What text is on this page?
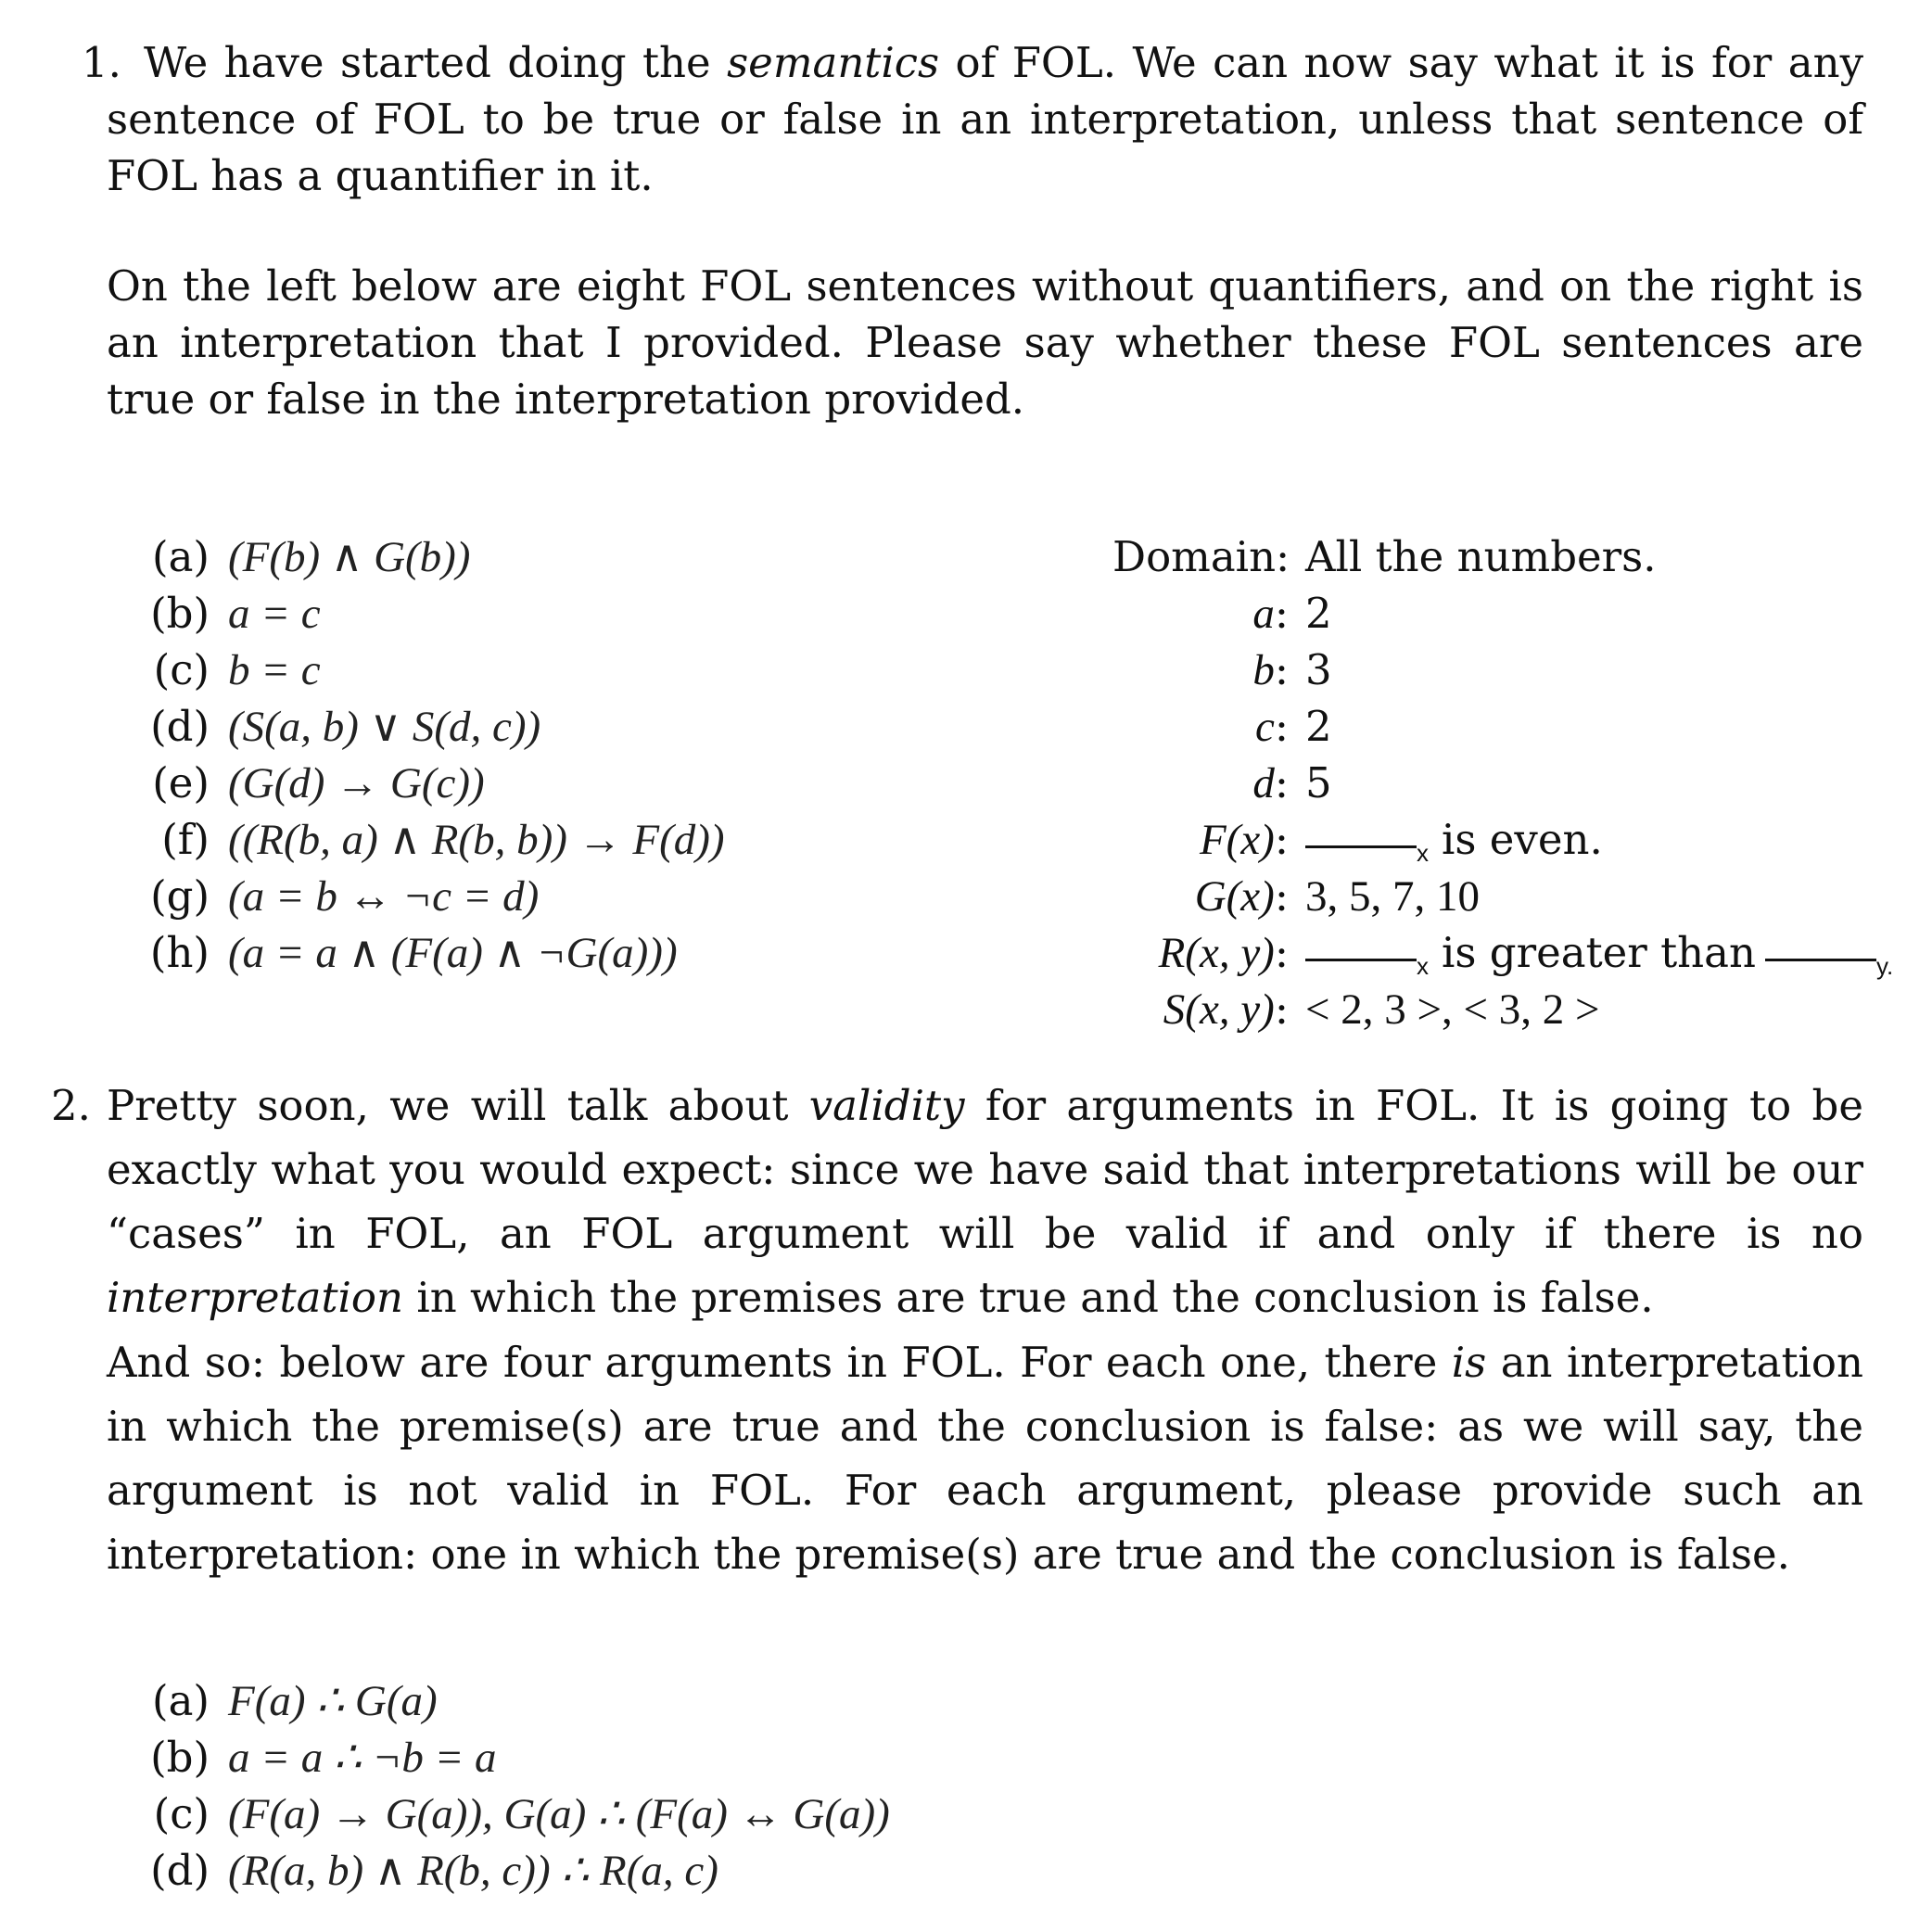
1. We have started doing the semantics of FOL. We can now say what it is for any sentence of FOL to be true or false in an interpretation, unless that sentence of FOL has a quantifier in it.
On the left below are eight FOL sentences without quantifiers, and on the right is an interpretation that I provided. Please say whether these FOL sentences are true or false in the interpretation provided.
(a) (F(b) ∧ G(b))
(b) a = c
(c) b = c
(d) (S(a, b) ∨ S(d, c))
(e) (G(d) → G(c))
(f) ((R(b, a) ∧ R(b, b)) → F(d))
(g) (a = b ↔ ¬c = d)
(h) (a = a ∧ (F(a) ∧ ¬G(a)))
Domain: All the numbers.
a: 2
b: 3
c: 2
d: 5
F(x):	$_x$ is even.
G(x): 3, 5, 7, 10
R(x, y):	$_x$ is greater than	$_{y.}$
S(x, y): < 2, 3 >, < 3, 2 >
2. Pretty soon, we will talk about validity for arguments in FOL. It is going to be exactly what you would expect: since we have said that interpretations will be our “cases” in FOL, an FOL argument will be valid if and only if there is no interpretation in which the premises are true and the conclusion is false.
And so: below are four arguments in FOL. For each one, there is an interpretation in which the premise(s) are true and the conclusion is false: as we will say, the argument is not valid in FOL. For each argument, please provide such an interpretation: one in which the premise(s) are true and the conclusion is false.
(a) F(a) ∴ G(a)
(b) a = a ∴ ¬b = a
(c) (F(a) → G(a)), G(a) ∴ (F(a) ↔ G(a))
(d) (R(a, b) ∧ R(b, c)) ∴ R(a, c)
